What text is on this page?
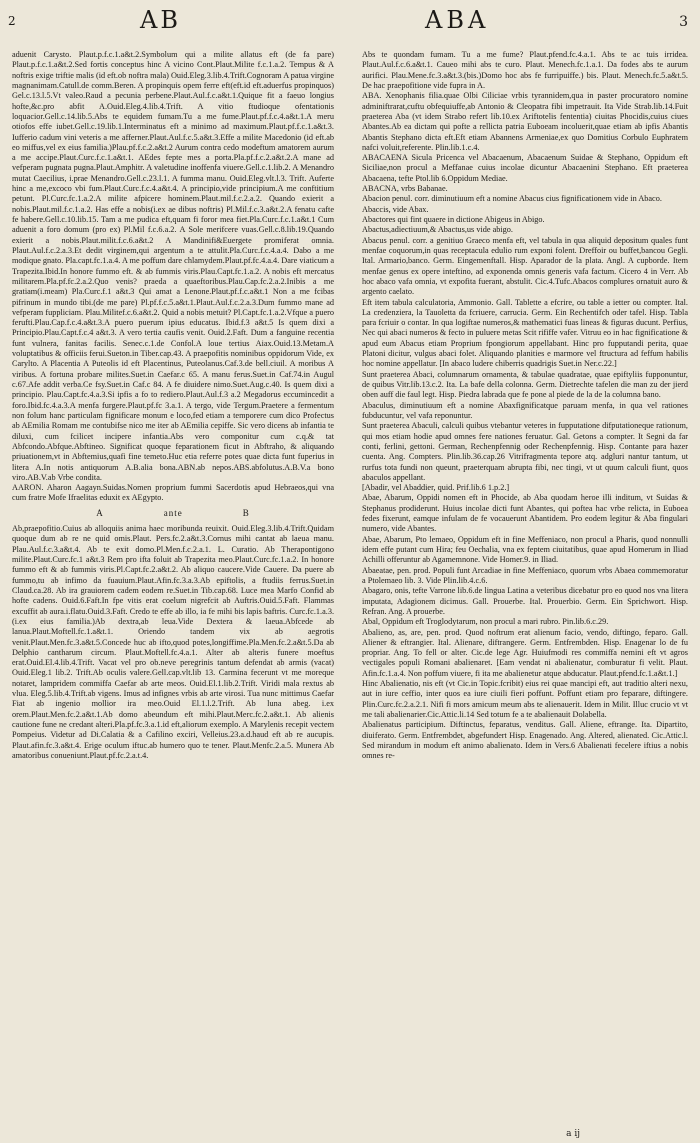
2	AB	ABA	3

aduenit Carysto. Plaut.p.f.c.1.a&t.2.Symbolum qui a milite allatus eft (de fa pare) Plaut.p.f.c.1.a&t.2.Sed fortis conceptus hinc A vicino Cont.Plaut.Milite f.c.1.a.2. Tempus & A noftris exige triftie malis (id eft.ob noftra mala) Ouid.Eleg.3.lib.4.Trift.Cognoram A patua virgine magnanimam.Catull.de comm.Beren. A propinquis opem ferre eft(eft.id eft.aduerfus propinquos) Gel.c.13.l.5.Vt valeo.Raud a pecunia perbene.Plaut.Aul.f.c.a&t.1.Quique fit a faeuo longius hofte,&c.pro abfit A.Ouid.Eleg.4.lib.4.Trift. A vitio ftudioque ofentationis loquacior.Gell.c.14.lib.5.Abs te equidem fumam.Tu a me fume.Plaut.pf.f.c.4.a&t.1.A meru otiofos effe iubet.Gell.c.19.lib.1.Interminatus eft a minimo ad maximum.Plaut.pf.f.c.1.a&t.3. Iufferio cadum vini veteris a me afferner.Plaut.Aul.f.c.5.a&t.3.Effe a milite Macedonio (id eft.ab eo miffus,vel ex eius familia.)Plau.pf.f.c.2.a&t.2 Aurum contra cedo modeftum amatorem aurum a me accipe.Plaut.Curc.f.c.1.a&t.1. AEdes fepte mes a porta.Pla.pf.f.c.2.a&t.2.A mane ad vefperam pugnata pugna.Plaut.Amphitr. A valetudine inoffenfa viuere.Gell.c.1.lib.2. A Menandro mutat Caecilius, i.prae Menandro.Gell.c.23.l.1. A fumma manu. Ouid.Eleg.vlt.l.3. Trift. Auferte hinc a me,excoco vbi fum.Plaut.Curc.f.c.4.a&t.4. A principio,vide principium.A me conftitium petunt. Pl.Curc.fc.1.a.2.A milite afpicere hominem.Plaut.mil.f.c.2.a.2. Quando exierit a nobis.Plaut.mil.f.c.1.a.2. Has effe a nobis(i.ex ae dibus noftris) Pl.Mil.f.c.3.a&t.2.A fenatu cafte fe habere.Gell.c.10.lib.15. Tam a me pudica eft,quam fi foror mea fiet.Pla.Curc.f.c.1.a&t.1 Cum aduenit a foro domum (pro ex) Pl.Mil f.c.6.a.2. A Sole merifcere vuas.Gell.c.8.lib.19.Quando exierit a nobis.Plaut.milit.f.c.6.a&t.2 A Mandinifi&Euergete promiferat omnia. Plaut.Aul.f.c.2.a.3.Et dedit virginem,qui argentum a te attulit.Pla.Curc.f.c.4.a.4. Dabo a me modique gnato. Pla.capt.fc.1.a.4. A me poffum dare chlamydem.Plaut.pf.fc.4.a.4. Dare viaticum a Trapezita.Ibid.In honore fummo eft. & ab fummis viris.Plau.Capt.fc.1.a.2. A nobis eft mercatus militarem.Pla.pf.fc.2.a.2.Quo venis? praeda a quaeftoribus.Plau.Cap.fc.2.a.2.Inibis a me gratiam(i.meam) Pla.Curc.f.1 a&t.3 Qui amat a Lenone.Plaut.pf.f.c.a&t.1 Non a me fcibas pifrinum in mundo tibi.(de me pare) Pl.pf.f.c.5.a&t.1.Plaut.Aul.f.c.2.a.3.Dum fummo mane ad vefperam fuppliciam. Plau.Militef.c.6.a&t.2. Quid a nobis metuit? Pl.Capt.fc.1.a.2.Vfque a puero ferufti.Plau.Cap.f.c.4.a&t.3.A puero puerum ipius educatus. Ibid.f.3 a&t.5 Is quem dixi a Principio.Plau.Capt.f.c.4 a&t.3. A vero tertia caufis venit. Ouid.2.Faft. Dum a fanguine recentia funt vulnera, fanitas facilis. Senec.c.1.de Confol.A loue tertius Aiax.Ouid.13.Metam.A voluptatibus & officiis ferui.Sueton.in Tiber.cap.43. A praepofitis nominibus oppidorum Vide, ex Carylto. A Placentia A Puteolis id eft Placentinus, Puteolanus.Caf.3.de bell.ciuil. A moribus A viribus. A fortuna probare milites.Suet.in Caefar.c 65. A manu ferus.Suet.in Caf.74.in Augul c.67.Afe addit verba.Ce fsy.Suet.in Caf.c 84. A fe diuidere nimo.Suet.Aug.c.40. Is quem dixi a principio. Plau.Capt.fc.4.a.3.Si ipfis a fo to rediero.Plaut.Aul.f.3 a.2 Megadorus eccumincedit a foro.Ibid.fc.4.a.3.A menfa furgere.Plaut.pf.fc 3.a.1. A tergo, vide Tergum.Praetere a fermentum non folum hanc particulam fignificare monum e loco,fed etiam a temporere cum dico Profectus ab AEmilia Romam me contubifse nico me iter ab AEmilia cepiffe. Sic vero dicens ab infantia te diluxi, cum fcilicet incipere infantia.Abs vero componitur cum c.q.& tat Abfcondo.Abfque.Abftineo. Significat quoque feparationem ficut in Abftraho, & aliquando priuationem,vt in Abftemius,quafi fine temeto.Huc etia referre potes quae dicta funt fuperius in litera A.In notis antiquorum A.B.alia bona.ABN.ab nepos.ABS.abfolutus.A.B.V.a bono viro.AB.V.ab Vrbe condita.

AARON. Aharon Aagayn.Suidas.Nomen proprium fummi Sacerdotis apud Hebraeos,qui vna cum fratre Mofe Ifraelitas eduxit ex AEgypto.

A	ante	B

Ab,praepofitio.Cuius ab alloquiis anima haec moribunda reuixit. Ouid.Eleg.3.lib.4.Trift.Quidam quoque dum ab re ne quid omis.Plaut. Pers.fc.2.a&t.3.Cornus mihi cantat ab laeua manu. Plau.Aul.f.c.3.a&t.4. Ab te exit domo.Pl.Men.f.c.2.a.1. L. Curatio. Ab Therapontigono milite.Plaut.Curc.fc.1 a&t.3 Rem pro ifta foluit ab Trapezita meo.Plaut.Curc.fc.1.a.2. In honore fummo eft & ab fummis viris.Pl.Capt.fc.2.a&t.2. Ab aliquo caucere.Vide Cauere. Da puere ab fummo,tu ab infimo da fuauium.Plaut.Afin.fc.3.a.3.Ab epiftolis, a ftudiis ferrus.Suet.in Claud.ca.28. Ab ira grauiorem cadem eodem re.Suet.in Tib.cap.68. Luce mea Marfo Confid ab hofte cadens. Ouid.6.Faft.In fpe vitis erat coelum nigrefcit ab Auftris.Ouid.5.Faft. Flammas excuffit ab aura.i.flatu.Ouid.3.Faft. Credo te effe ab illo, ia fe mihi bis lapis baftris. Curc.fc.1.a.3.(i.ex eius familia.)Ab dextra,ab leua.Vide Dextera & laeua.Abfcede ab lanua.Plaut.Moftell.fc.1.a&t.1. Oriendo tandem vix ab aegrotis venit.Plaut.Men.fc.3.a&t.5.Concede huc ab ifto,quod potes,longiffime.Pla.Men.fc.2.a&t.5.Da ab Delphio cantharum circum. Plaut.Moftell.fc.4.a.1. Alter ab alteris funere moeftus erat.Ouid.El.4.lib.4.Trift. Vacat vel pro ob.neve peregrinis tantum defendat ab armis (vacat) Ouid.Eleg.1 lib.2. Trift.Ab oculis valere.Gell.cap.vlt.lib 13. Carmina fecerunt vt me moreque notaret, lampridem commiffa Caefar ab arte meos. Ouid.El.1.lib.2.Trift. Viridi mala rextus ab vlua. Eleg.5.lib.4.Trift.ab vigens. Imus ad infignes vrbis ab arte virosi. Tua nunc mittimus Caefar Fiat ab ingenio mollior ira meo.Ouid El.1.l.2.Trift. Ab luna abeg. i.ex orem.Plaut.Men.fc.2.a&t.1.Ab domo abeundum eft mihi.Plaut.Merc.fc.2.a&t.1. Ab alienis cautione fune ne credant alteri.Pla.pf.fc.3.a.1.id eft,aliorum exemplo. A Marylenis recepit vectem Pompeius. Videtur ad Di.Calatia & a Cafilino exciri, Velleius.23.a.d.haud eft ab re aucupis. Plaut.afin.fc.3.a&t.4. Erige oculum iftuc.ab humero quo te tener. Plaut.Menfc.2.a.5. Munera Ab amatoribus conueniunt.Plaut.pf.fc.2.a.t.4.

Abs te quondam fumam. Tu a me fume? Plaut.pfend.fc.4.a.1. Abs te ac tuis irridea. Plaut.Aul.f.c.6.a&t.1. Caueo mihi abs te curo. Plaut. Menech.fc.1.a.1. Da fodes abs te aurum aurifici. Plau.Mene.fc.3.a&t.3.(bis.)Domo hoc abs fe furripuiffe.) bis. Plaut. Menech.fc.5.a&t.5. De hac praepofitione vide fupra in A.

ABA. Xenophanis filia.quae Olbi Ciliciae vrbis tyrannidem,qua in paster procuratoro nomine adminiftrarat,cuftu obfequiuffe,ab Antonio & Cleopatra fibi impetrauit. Ita Vide Strab.lib.14.Fuit praeterea Aba (vt idem Strabo refert lib.10.ex Ariftotelis fententia) ciuitas Phocidis,cuius ciues Abantes.Ab ea dictam qui pofte a rellicta patria Euboeam incoluerit,quae etiam ab ipfis Abantis Abantis Stephano dicta eft.Eft etiam Abannens Armeniae,ex quo Domitius Corbulo Euphratem nafci voluit,referente. Plin.lib.1.c.4.

ABACAENA Sicula Pricenca vel Abacaenum, Abacaenum Suidae & Stephano, Oppidum eft Siciliae,non procul a Meffanae cuius incolae dicuntur Abacaenini Stephano. Eft praeterea Abacaena, tefte Ptol.lib 6.Oppidum Mediae.

ABACNA, vrbs Babanae.

Abacion penul. corr. diminutiuum eft a nomine Abacus cius fignificationem vide in Abaco.

Abaccis, vide Abax.

Abactores qui fint quaere in dictione Abigeus in Abigo.

Abactus,adiectiuum,& Abactus,us vide abigo.

Abacus penul. corr. a genitiuo Graeco menfa eft, vel tabula in qua aliquid depositum quales funt menfae coquorum,in quas receptacula edulio rum exponi folent. Dreffoir ou buffet,bancou Gegli. Ital. Armario,banco. Germ. Eingemenftall. Hisp. Aparador de la plata. Angl. A cupborde. Item menfae genus ex opere inteftino, ad exponenda omnis generis vafa factum. Cicero 4 in Verr. Ab hoc abaco vafa omnia, vt expofita fuerant, abstulit. Cic.4.Tufc.Abacos complures ornatuit auro & argento caelato.

Eft item tabula calculatoria, Ammonio. Gall. Tablette a efcrire, ou table a ietter ou compter. Ital. La credenziera, la Tauoletta da fcriuere, carrucia. Germ. Ein Rechentifch oder tafel. Hisp. Tabla para fcriuir o contar. In qua logiftae numeros,& mathematici fuas lineas & figuras ducunt. Perfius, Nec qui abaci numeros & fecto in puluere metas Scit rififfe vafer. Vitruu eo in hac fignificatione & apud eum Abacus etiam Proprium fpongiorum appellabant. Hinc pro fupputandi perita, quae Platoni dicitur, vulgus abaci folet. Aliquando planities e marmore vel ftructura ad feffum habilis hoc nomine appellatur. [In abaco ludere chiberris quadrigis Suet.in Ner.c.22.]

Sunt praeterea Abaci, columnarum ornamenta, & tabulae quadratae, quae epiftyliis fupponuntur, de quibus Vitr.lib.13.c.2. Ita. La bafe della colonna. Germ. Dietrechte tafelen die man zu der jierd oben auff die faul legt. Hisp. Piedra labrada que fe pone al piede de la de la columna bano.

Abaculus, diminutiuum eft a nomine Abaxfignificatque paruam menfa, in qua vel rationes fubducuntur, vel vafa reponuntur.

Sunt praeterea Abaculi, calculi quibus vtebantur veteres in fupputatione difputationeque rationum, qui mos etiam hodie apud omnes fere nationes feruatur. Gal. Getons a compter. It Segni da far conti, ferlini, gettoni. German, Rechenpfennig oder Rechenpfennig. Hisp. Contante para hazer cuenta. Ang. Compters. Plin.lib.36.cap.26 Vitrifragmenta tepore atq. adgluri nantur tantum, ut rurfus tota fundi non queunt, praeterquam abrupta fibi, nec tingi, vt ut quum calculi fiunt, quos abaculos appellant.

[Abadir, vel Abaddier, quid. Prif.lib.6 1.p.2.]

Abae, Abarum, Oppidi nomen eft in Phocide, ab Aba quodam heroe illi inditum, vt Suidas & Stephanus prodiderunt. Huius incolae dicti funt Abantes, qui poftea hac vrbe relicta, in Euboea fedes fixerunt, eamque infulam de fe vocauerunt Abantidem. Pro eodem legitur & Aba fingulari numero, vide Abantes.

Abae, Abarum, Pto lemaeo, Oppidum eft in fine Meffeniaco, non procul a Pharis, quod nonnulli idem effe putant cum Hira; feu Oechalia, vna ex feptem ciuitatibus, quae apud Homerum in Iliad Achilli offeruntur ab Agamemnone. Vide Homer.9. in Iliad.

Abaeatae, pen. prod. Populi funt Arcadiae in fine Meffeniaco, quorum vrbs Abaea commemoratur a Ptolemaeo lib. 3. Vide Plin.lib.4.c.6.

Abagaro, onis, tefte Varrone lib.6.de lingua Latina a veteribus dicebatur pro eo quod nos vna litera imputata, Adagionem dicimus. Gall. Prouerbe. Ital. Prouerbio. Germ. Ein Sprichwort. Hisp. Refran. Ang. A prouerbe.

Abal, Oppidum eft Troglodytarum, non procul a mari rubro. Pin.lib.6.c.29.

Abalieno, as, are, pen. prod. Quod noftrum erat alienum facio, vendo, diftingo, feparo. Gall. Aliener & eftrangier. Ital. Alienare, diftrangere. Germ. Entfrembden. Hisp. Enagenar lo de fu propriar. Ang. To fell or alter. Cic.de lege Agr. Huiufmodi res commiffa nemini eft vt agros vectigales populi Romani abalienaret. [Eam vendat ni abalienatur, comburatur fi velit. Plaut. Afin.fc.1.a.4. Non poffum viuere, fi ita me abalienetur atque abducatur. Plaut.pfend.fc.1.a&t.1.]

Hinc Abalienatio, nis eft (vt Cic.in Topic.fcribit) eius rei quae mancipi eft, aut traditio alteri nexu, aut in iure ceffio, inter quos ea iure ciuili fieri poffunt. Poffunt etiam pro feparare, diftingere. Plin.Curc.fc.2.a.2.1. Nifi fi mors amicum meum abs te alienauerit. Idem in Milit. Illuc crucio vt vt me tali abalienarier.Cic.Attic.li.14 Sed totum fe a te abalienauit Dolabella.

Abalienatus participium. Diftinctus, feparatus, venditus. Gall. Aliene, eftrange. Ita. Dipartito, diuiferato. Germ. Entfrembdet, abgefundert Hisp. Enagenado. Ang. Altered, alienated. Cic.Attic.l. Sed mirandum in modum eft animo abalienato. Idem in Vers.6 Abalienati fecelere iftius a nobis omnes re-

a ij
